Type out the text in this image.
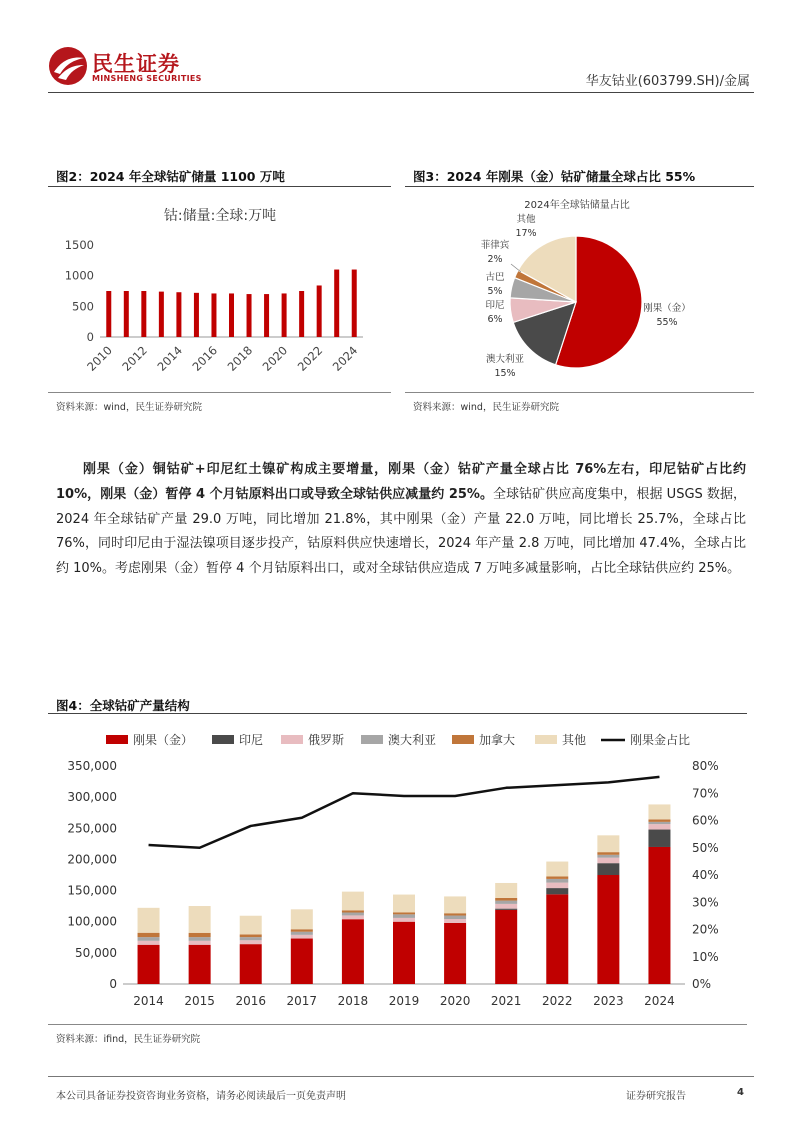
民生证券
MINSHENG SECURITIES	华友钴业(603799.SH)/金属
图2：2024 年全球钴矿储量 1100 万吨
钴:储量:全球:万吨
0
500
1000
1500
2010 2012 2014 2016 2018 2020 2022 2024
资料来源：wind，民生证券研究院
图3：2024 年刚果（金）钴矿储量全球占比 55%
2024年全球钴储量占比
刚果（金）
55%
澳大利亚
15%
印尼
6%
古巴
5%
菲律宾
2%
其他
17%
资料来源：wind，民生证券研究院
刚果（金）铜钴矿+印尼红土镍矿构成主要增量，刚果（金）钴矿产量全球占比 76%左右，印尼钴矿占比约 10%，刚果（金）暂停 4 个月钴原料出口或导致全球钴供应减量约 25%。全球钴矿供应高度集中，根据 USGS 数据，2024 年全球钴矿产量 29.0 万吨，同比增加 21.8%，其中刚果（金）产量 22.0 万吨，同比增长 25.7%，全球占比 76%，同时印尼由于湿法镍项目逐步投产，钴原料供应快速增长，2024 年产量 2.8 万吨，同比增加 47.4%，全球占比约 10%。考虑刚果（金）暂停 4 个月钴原料出口，或对全球钴供应造成 7 万吨多减量影响，占比全球钴供应约 25%。
图4：全球钴矿产量结构
刚果（金）	印尼	俄罗斯	澳大利亚	加拿大	其他	刚果金占比
0
50,000
100,000
150,000
200,000
250,000
300,000
350,000
0%
10%
20%
30%
40%
50%
60%
70%
80%
2014 2015 2016 2017 2018 2019 2020 2021 2022 2023 2024
资料来源：ifind，民生证券研究院
本公司具备证券投资咨询业务资格，请务必阅读最后一页免责声明	证券研究报告	4
